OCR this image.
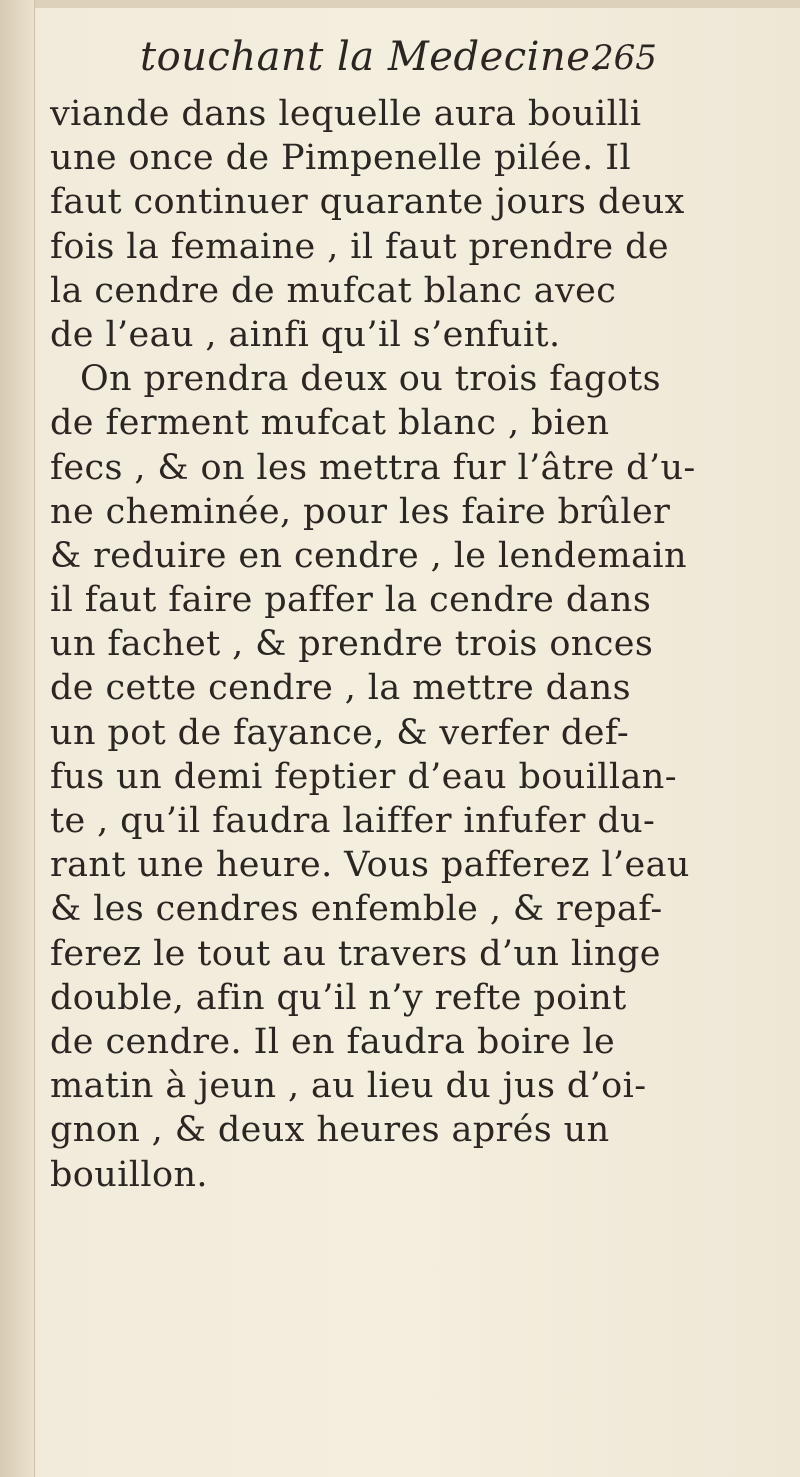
touchant la Medecine.
265
viande dans lequelle aura bouilli
une once de Pimpenelle pilée. Il
faut continuer quarante jours deux
fois la femaine , il faut prendre de
la cendre de mufcat blanc avec
de l’eau , ainfi qu’il s’enfuit.
On prendra deux ou trois fagots
de ferment mufcat blanc , bien
fecs , & on les mettra fur l’âtre d’u-
ne cheminée, pour les faire brûler
& reduire en cendre , le lendemain
il faut faire paffer la cendre dans
un fachet , & prendre trois onces
de cette cendre , la mettre dans
un pot de fayance, & verfer def-
fus un demi feptier d’eau bouillan-
te , qu’il faudra laiffer infufer du-
rant une heure. Vous pafferez l’eau
& les cendres enfemble , & repaf-
ferez le tout au travers d’un linge
double, afin qu’il n’y refte point
de cendre. Il en faudra boire le
matin à jeun , au lieu du jus d’oi-
gnon , & deux heures aprés un
bouillon.
